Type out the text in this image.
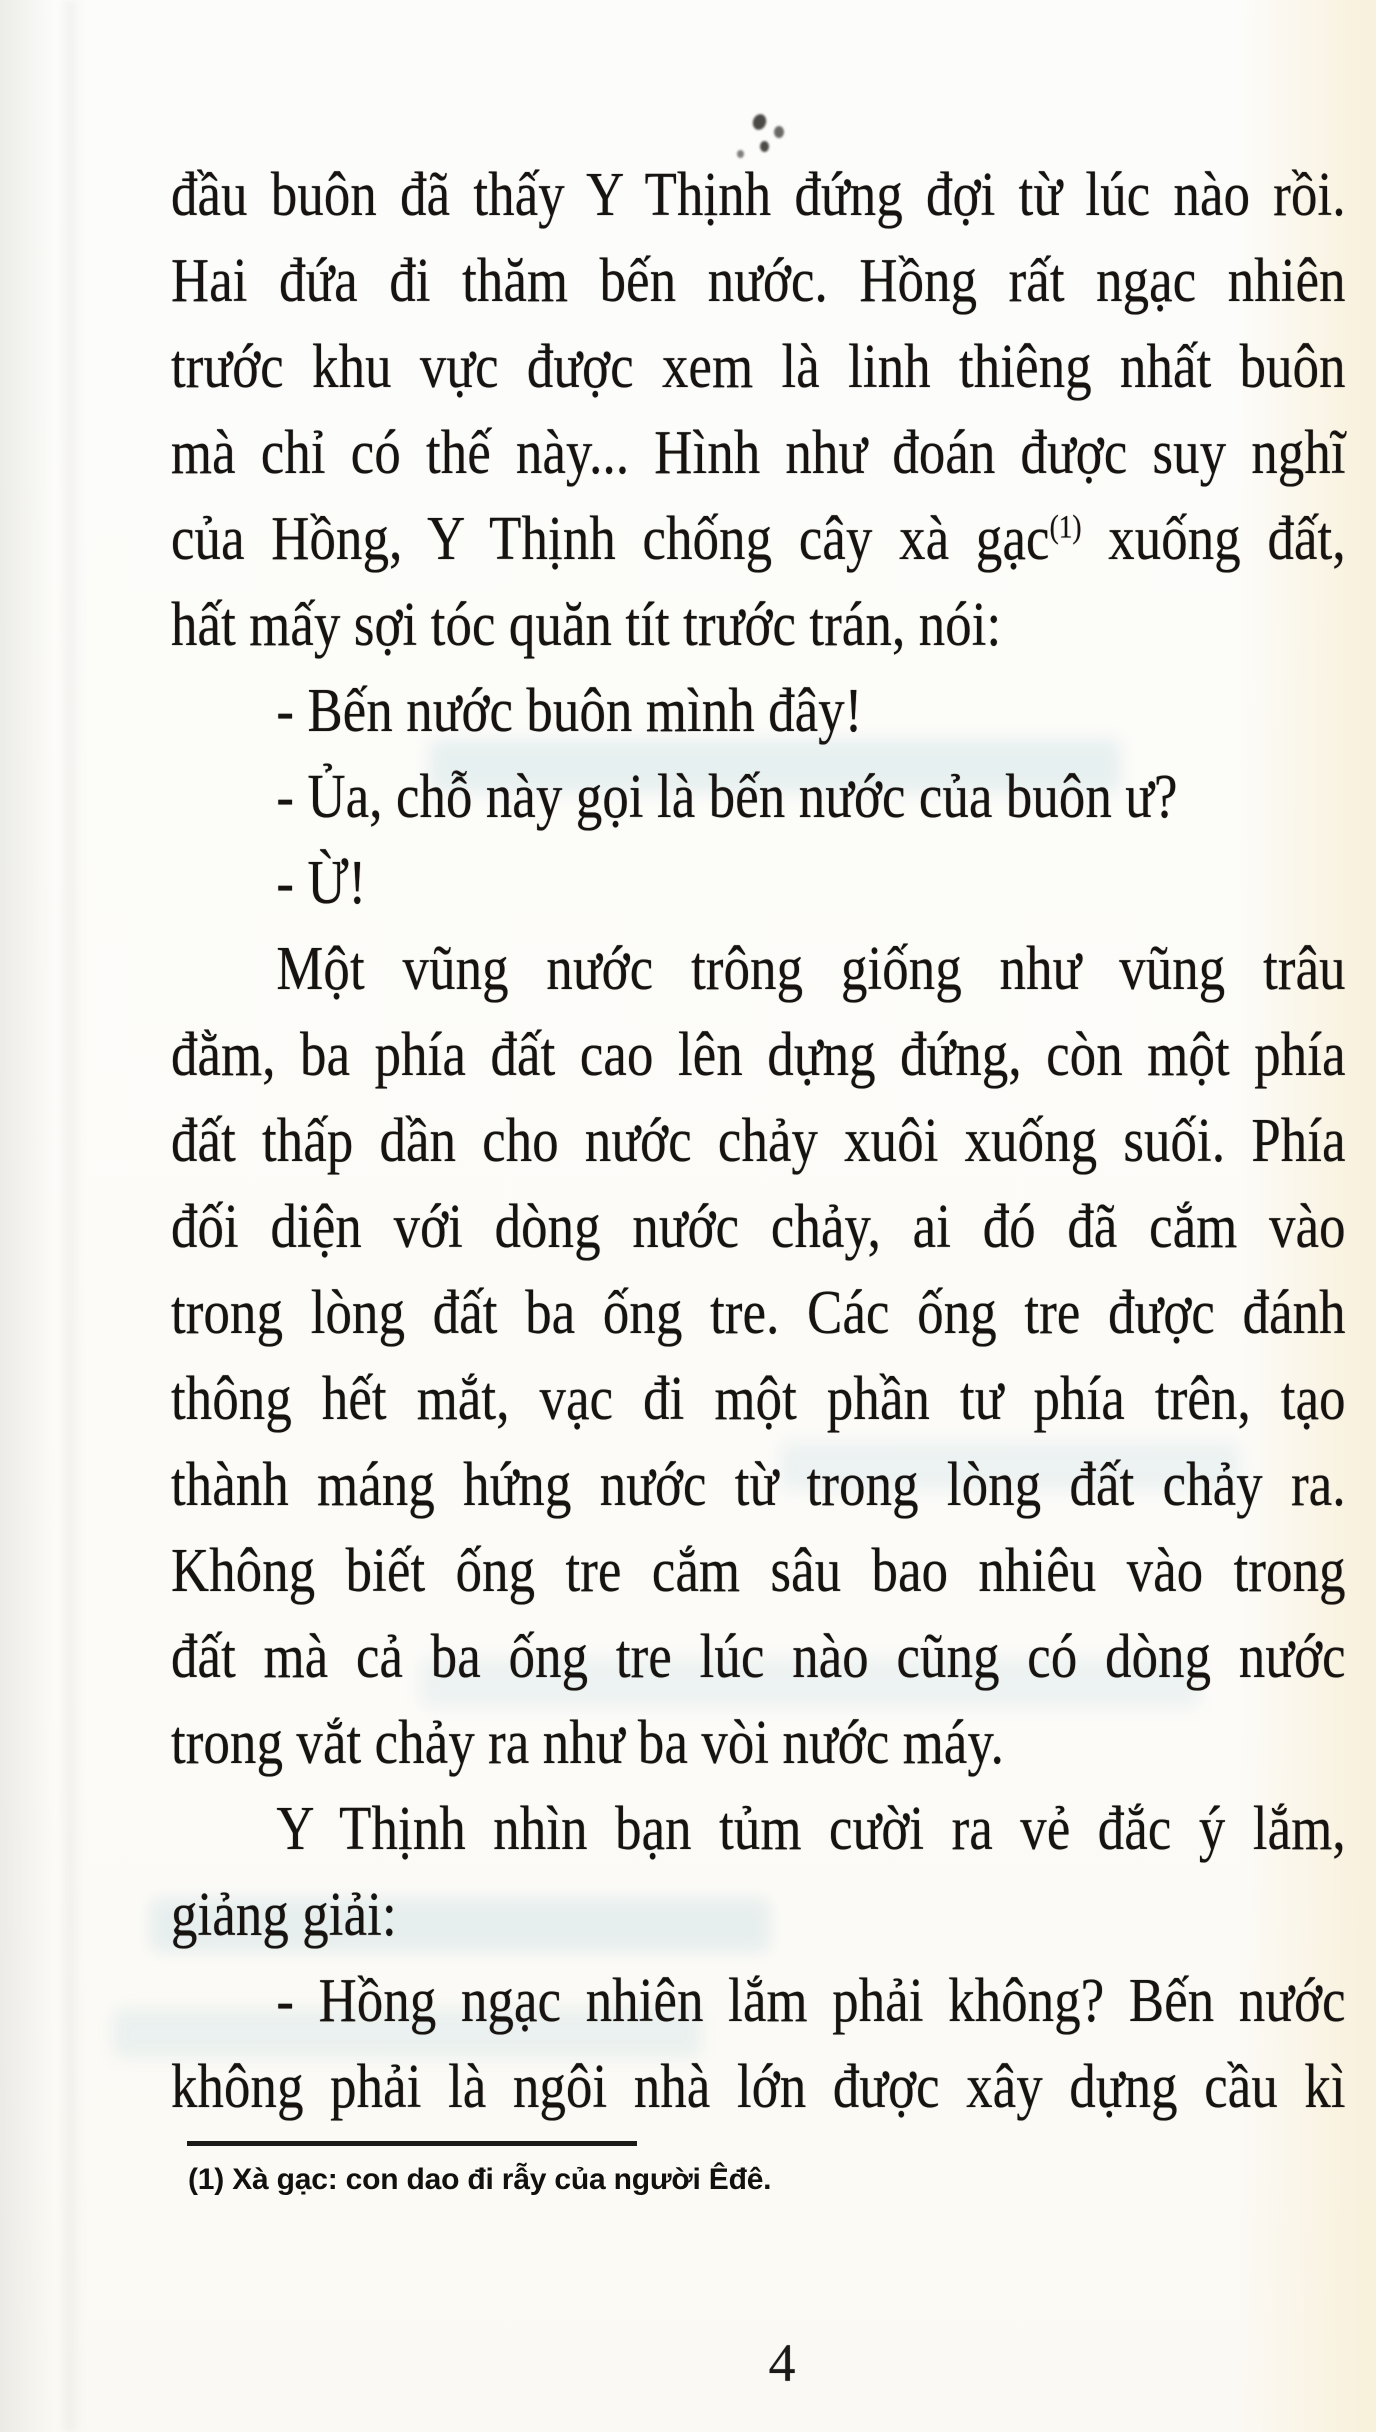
đầu buôn đã thấy Y Thịnh đứng đợi từ lúc nào rồi.
Hai đứa đi thăm bến nước. Hồng rất ngạc nhiên
trước khu vực được xem là linh thiêng nhất buôn
mà chỉ có thế này... Hình như đoán được suy nghĩ
của Hồng, Y Thịnh chống cây xà gạc$^{(1)}$ xuống đất,
hất mấy sợi tóc quăn tít trước trán, nói:
- Bến nước buôn mình đây!
- Ủa, chỗ này gọi là bến nước của buôn ư?
- Ừ!
Một vũng nước trông giống như vũng trâu
đằm, ba phía đất cao lên dựng đứng, còn một phía
đất thấp dần cho nước chảy xuôi xuống suối. Phía
đối diện với dòng nước chảy, ai đó đã cắm vào
trong lòng đất ba ống tre. Các ống tre được đánh
thông hết mắt, vạc đi một phần tư phía trên, tạo
thành máng hứng nước từ trong lòng đất chảy ra.
Không biết ống tre cắm sâu bao nhiêu vào trong
đất mà cả ba ống tre lúc nào cũng có dòng nước
trong vắt chảy ra như ba vòi nước máy.
Y Thịnh nhìn bạn tủm cười ra vẻ đắc ý lắm,
giảng giải:
- Hồng ngạc nhiên lắm phải không? Bến nước
không phải là ngôi nhà lớn được xây dựng cầu kì
(1) Xà gạc: con dao đi rẫy của người Êđê.
4
